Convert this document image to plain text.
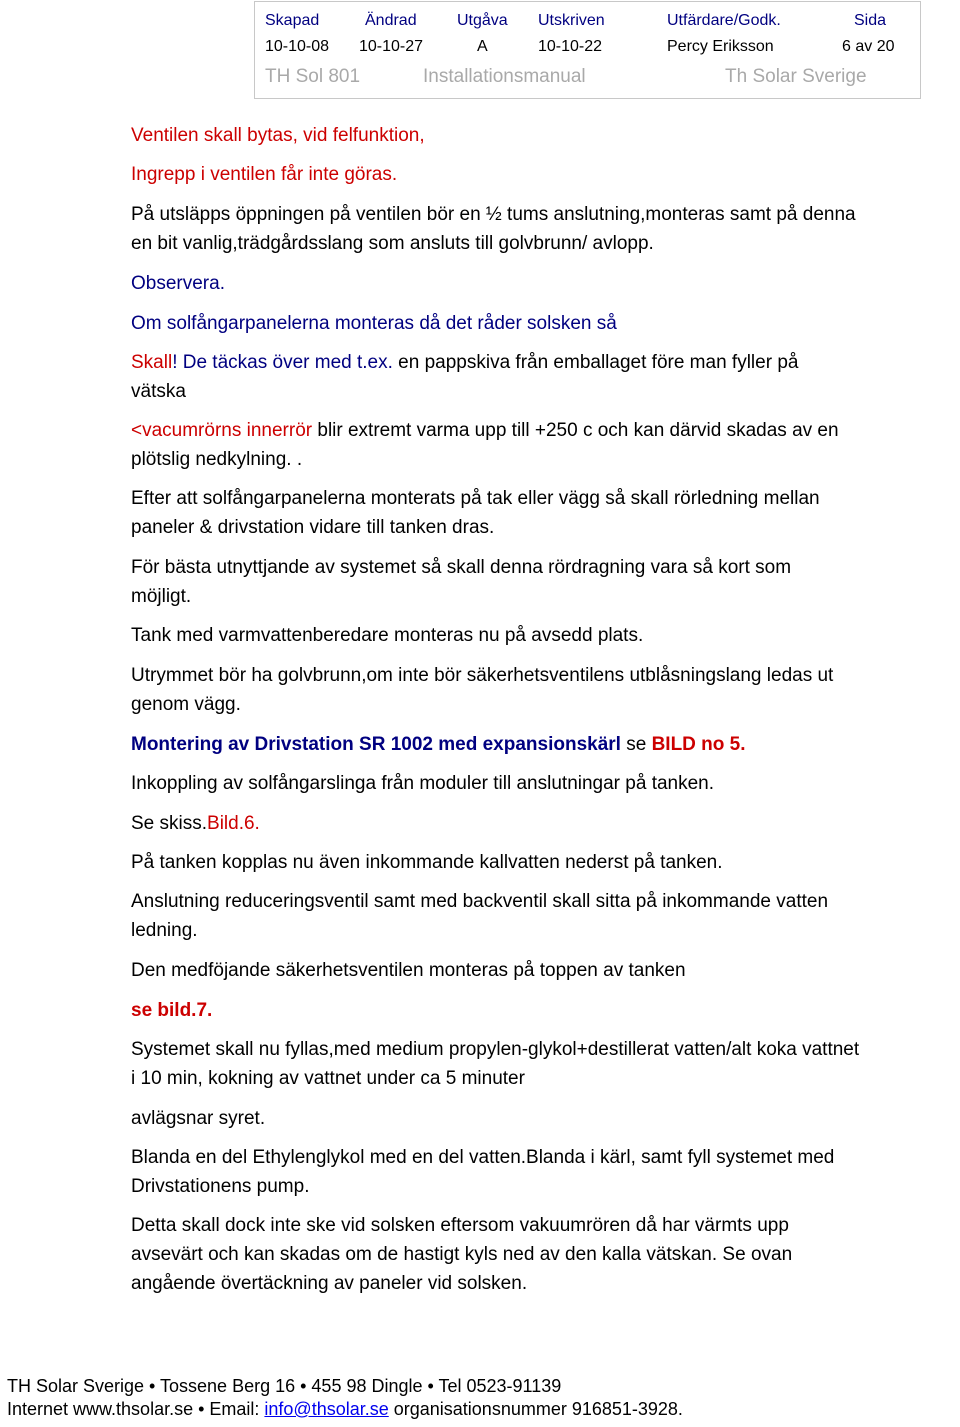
Skapad	Ändrad	Utgåva Utskriven	Utfärdare/Godk.	Sida
10-10-08 10-10-27	A	10-10-22	Percy Eriksson	6 av 20
TH Sol 801	Installationsmanual	Th Solar Sverige
Ventilen skall bytas, vid felfunktion,
Ingrepp i ventilen får inte göras.
På utsläpps öppningen på ventilen bör en ½ tums anslutning,monteras samt på denna
en bit vanlig,trädgårdsslang som ansluts till golvbrunn/ avlopp.
Observera.
Om solfångarpanelerna monteras då det råder solsken så
Skall! De täckas över med t.ex. en pappskiva från emballaget före man fyller på
vätska
<vacumrörns innerrör blir extremt varma upp till +250 c och kan därvid skadas av en
plötslig nedkylning. .
Efter att solfångarpanelerna monterats på tak eller vägg så skall rörledning mellan
paneler & drivstation vidare till tanken dras.
För bästa utnyttjande av systemet så skall denna rördragning vara så kort som
möjligt.
Tank med varmvattenberedare monteras nu på avsedd plats.
Utrymmet bör ha golvbrunn,om inte bör säkerhetsventilens utblåsningslang ledas ut
genom vägg.
Montering av Drivstation SR 1002 med expansionskärl se BILD no 5.
Inkoppling av solfångarslinga från moduler till anslutningar på tanken.
Se skiss.Bild.6.
På tanken kopplas nu även inkommande kallvatten nederst på tanken.
Anslutning reduceringsventil samt med backventil skall sitta på inkommande vatten
ledning.
Den medföjande säkerhetsventilen monteras på toppen av tanken
se bild.7.
Systemet skall nu fyllas,med medium propylen-glykol+destillerat vatten/alt koka vattnet
i 10 min, kokning av vattnet under ca 5 minuter
avlägsnar syret.
Blanda en del Ethylenglykol med en del vatten.Blanda i kärl, samt fyll systemet med
Drivstationens pump.
Detta skall dock inte ske vid solsken eftersom vakuumrören då har värmts upp
avsevärt och kan skadas om de hastigt kyls ned av den kalla vätskan. Se ovan
angående övertäckning av paneler vid solsken.
TH Solar Sverige • Tossene Berg 16 • 455 98 Dingle • Tel 0523-91139
Internet www.thsolar.se • Email: info@thsolar.se organisationsnummer 916851-3928.
